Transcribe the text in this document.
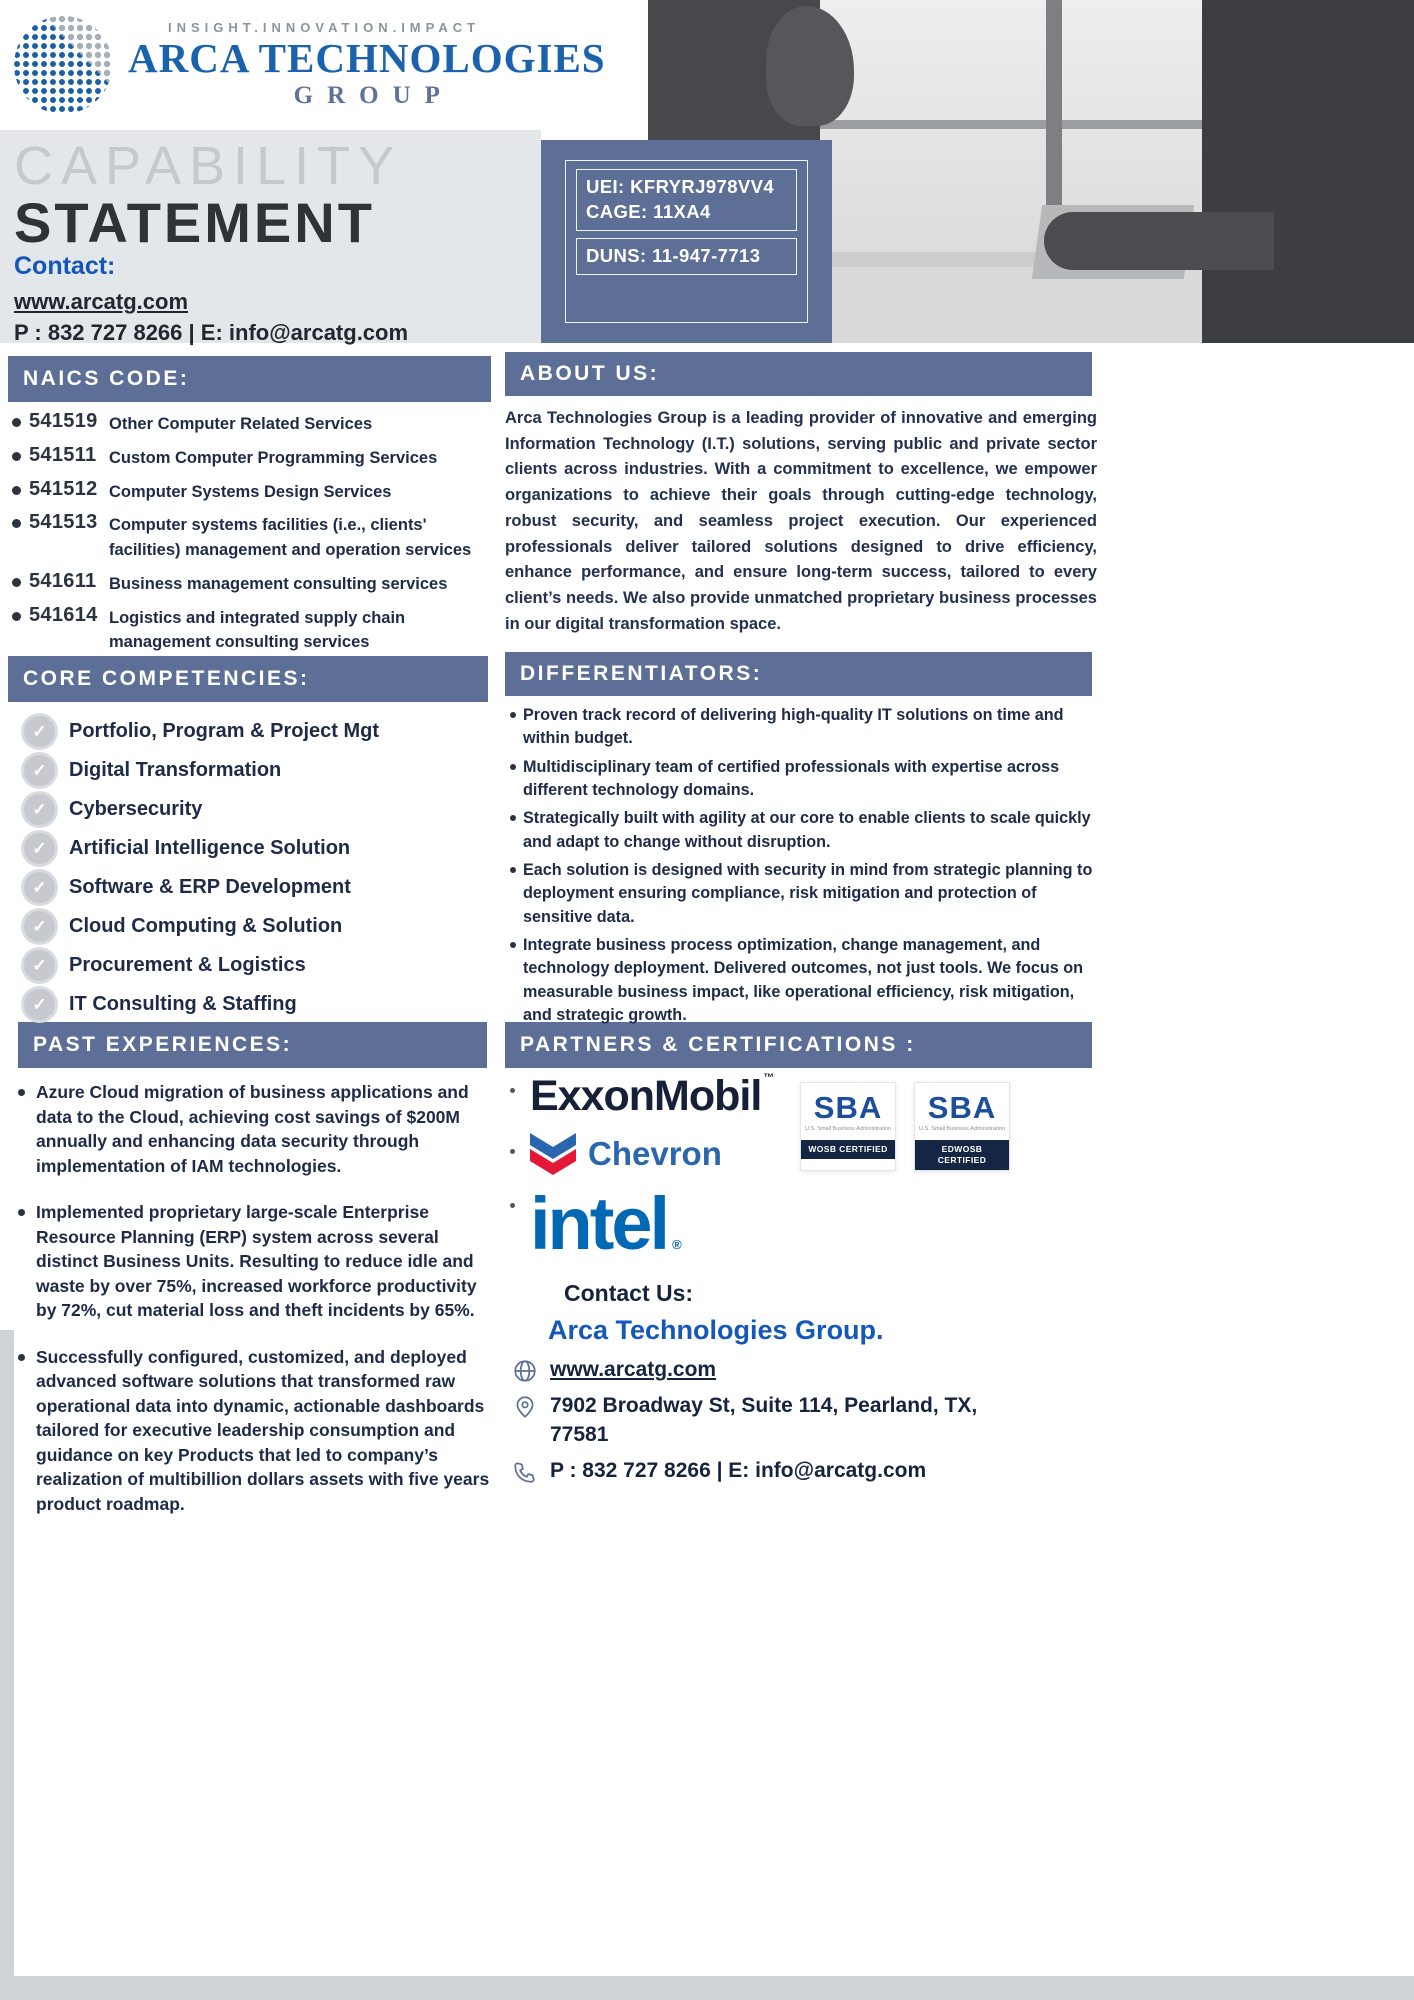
INSIGHT.INNOVATION.IMPACT
ARCA TECHNOLOGIES
GROUP
CAPABILITY
STATEMENT
Contact:
www.arcatg.com
P : 832 727 8266 | E: info@arcatg.com
UEI: KFRYRJ978VV4
CAGE: 11XA4
DUNS: 11-947-7713
NAICS CODE:	ABOUT US:
CORE COMPETENCIES:	DIFFERENTIATORS:
PAST EXPERIENCES:	PARTNERS & CERTIFICATIONS :
541519 Other Computer Related Services
541511 Custom Computer Programming Services
541512 Computer Systems Design Services
541513 Computer systems facilities (i.e., clients' facilities) management and operation services
541611 Business management consulting services
541614 Logistics and integrated supply chain management consulting services
Arca Technologies Group is a leading provider of innovative and emerging Information Technology (I.T.) solutions, serving public and private sector clients across industries. With a commitment to excellence, we empower organizations to achieve their goals through cutting-edge technology, robust security, and seamless project execution. Our experienced professionals deliver tailored solutions designed to drive efficiency, enhance performance, and ensure long-term success, tailored to every client’s needs. We also provide unmatched proprietary business processes in our digital transformation space.
✓	Portfolio, Program & Project Mgt
✓	Digital Transformation
✓	Cybersecurity
✓	Artificial Intelligence Solution
✓	Software & ERP Development
✓	Cloud Computing & Solution
✓	Procurement & Logistics
✓	IT Consulting & Staffing
Proven track record of delivering high-quality IT solutions on time and within budget.
Multidisciplinary team of certified professionals with expertise across different technology domains.
Strategically built with agility at our core to enable clients to scale quickly and adapt to change without disruption.
Each solution is designed with security in mind from strategic planning to deployment ensuring compliance, risk mitigation and protection of sensitive data.
Integrate business process optimization, change management, and technology deployment. Delivered outcomes, not just tools. We focus on measurable business impact, like operational efficiency, risk mitigation, and strategic growth.
Azure Cloud migration of business applications and data to the Cloud, achieving cost savings of $200M annually and enhancing data security through implementation of IAM technologies.
Implemented proprietary large-scale Enterprise Resource Planning (ERP) system across several distinct Business Units. Resulting to reduce idle and waste by over 75%, increased workforce productivity by 72%, cut material loss and theft incidents by 65%.
Successfully configured, customized, and deployed advanced software solutions that transformed raw operational data into dynamic, actionable dashboards tailored for executive leadership consumption and guidance on key Products that led to company’s realization of multibillion dollars assets with five years product roadmap.
ExxonMobil ™
Chevron
intel ®
SBA
U.S. Small Business Administration
WOSB CERTIFIED
SBA
U.S. Small Business Administration
EDWOSB CERTIFIED
Contact Us:
Arca Technologies Group.
www.arcatg.com
7902 Broadway St, Suite 114, Pearland, TX, 77581
P : 832 727 8266 | E: info@arcatg.com
